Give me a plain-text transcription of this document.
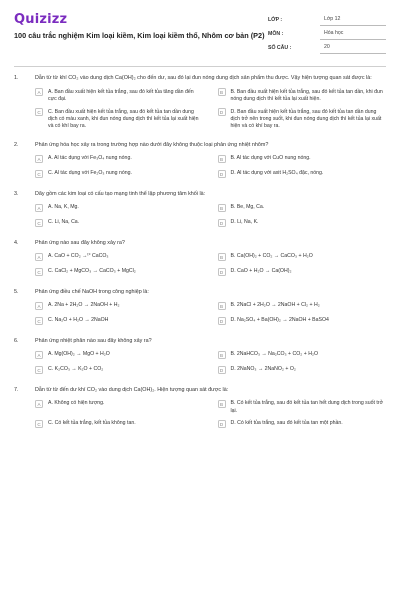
Quizizz
100 câu trắc nghiệm Kim loại kiềm, Kim loại kiềm thổ, Nhôm cơ bản (P2)
LỚP :	Lớp 12
MÔN :	Hóa học
SỐ CÂU :	20
1.	Dẫn từ từ khí CO₂ vào dung dịch Ca(OH)₂ cho đến dư, sau đó lại đun nóng dung dịch sản phẩm thu được. Vậy hiện tượng quan sát được là:
A	A. Ban đầu xuất hiện kết tủa trắng, sau đó kết tủa tăng dần đến cực đại.
B	B. Ban đầu xuất hiện kết tủa trắng, sau đó kết tủa tan dần, khi đun nóng dung dịch thì kết tủa lại xuất hiện.
C	C. Ban đầu xuất hiện kết tủa trắng, sau đó kết tủa tan dần dung dịch có màu xanh, khi đun nóng dung dịch thì kết tủa lại xuất hiện và có khí bay ra.
D	D. Ban đầu xuất hiện kết tủa trắng, sau đó kết tủa tan dần dung dịch trở nên trong suốt, khi đun nóng dung dịch thì kết tủa lại xuất hiện và có khí bay ra.
2.	Phản ứng hóa học xảy ra trong trường hợp nào dưới đây không thuộc loại phản ứng nhiệt nhôm?
A	A. Al tác dụng với Fe₃O₄ nung nóng.	B	B. Al tác dụng với CuO nung nóng.
C	C. Al tác dụng với Fe₂O₃ nung nóng.	D	D. Al tác dụng với axit H₂SO₄ đặc, nóng.
3.	Dãy gồm các kim loại có cấu tạo mạng tinh thể lập phương tâm khối là:
A	A. Na, K, Mg.	B	B. Be, Mg, Ca.
C	C. Li, Na, Ca.	D	D. Li, Na, K.
4.	Phản ứng nào sau đây không xảy ra?
A	A. CaO + CO₂ →ᵗ° CaCO₃	B	B. Ca(OH)₂ + CO₂ → CaCO₃ + H₂O
C	C. CaCl₂ + MgCO₃ → CaCO₃ + MgCl₂	D	D. CaO + H₂O → Ca(OH)₂
5.	Phản ứng điều chế NaOH trong công nghiệp là:
A	A. 2Na + 2H₂O → 2NaOH + H₂	B	B. 2NaCl + 2H₂O → 2NaOH + Cl₂ + H₂
C	C. Na₂O + H₂O → 2NaOH	D	D. Na₂SO₄ + Ba(OH)₂ → 2NaOH + BaSO4
6.	Phản ứng nhiệt phân nào sau đây không xảy ra?
A	A. Mg(OH)₂ → MgO + H₂O	B	B. 2NaHCO₃ → Na₂CO₃ + CO₂ + H₂O
C	C. K₂CO₃ → K₂O + CO₂	D	D. 2NaNO₃ → 2NaNO₂ + O₂
7.	Dẫn từ từ đến dư khí CO₂ vào dung dịch Ca(OH)₂. Hiện tượng quan sát được là:
A	A. Không có hiện tượng.	B	B. Có kết tủa trắng, sau đó kết tủa tan hết dung dịch trong suốt trở lại.
C	C. Có kết tủa trắng, kết tủa không tan.	D	D. Có kết tủa trắng, sau đó kết tủa tan một phần.
